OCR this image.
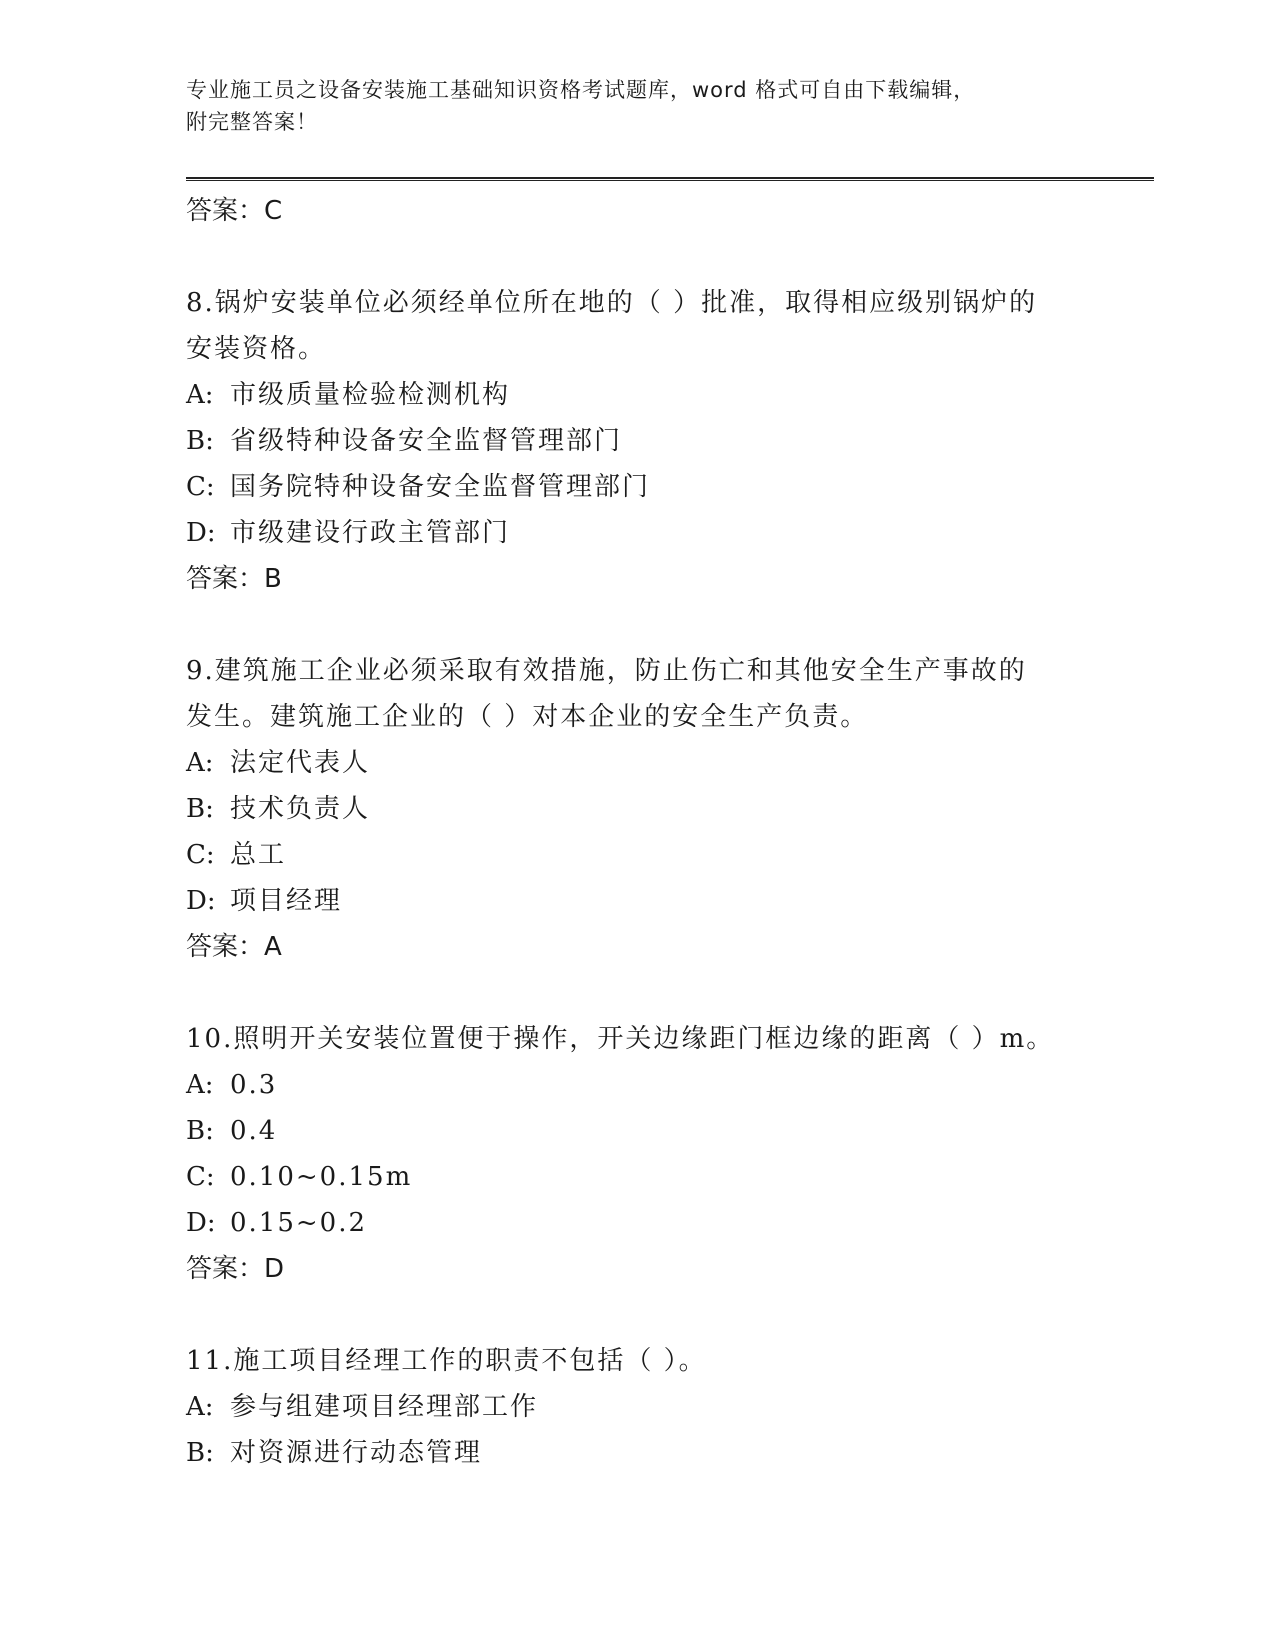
专业施工员之设备安装施工基础知识资格考试题库，word 格式可自由下载编辑，
附完整答案！
答案：C
8.锅炉安装单位必须经单位所在地的（ ）批准，取得相应级别锅炉的
安装资格。
A: 市级质量检验检测机构
B: 省级特种设备安全监督管理部门
C: 国务院特种设备安全监督管理部门
D: 市级建设行政主管部门
答案：B
9.建筑施工企业必须采取有效措施，防止伤亡和其他安全生产事故的
发生。建筑施工企业的（ ）对本企业的安全生产负责。
A: 法定代表人
B: 技术负责人
C: 总工
D: 项目经理
答案：A
10.照明开关安装位置便于操作，开关边缘距门框边缘的距离（ ）m。
A: 0.3
B: 0.4
C: 0.10~0.15m
D: 0.15~0.2
答案：D
11.施工项目经理工作的职责不包括（ ）。
A: 参与组建项目经理部工作
B: 对资源进行动态管理
